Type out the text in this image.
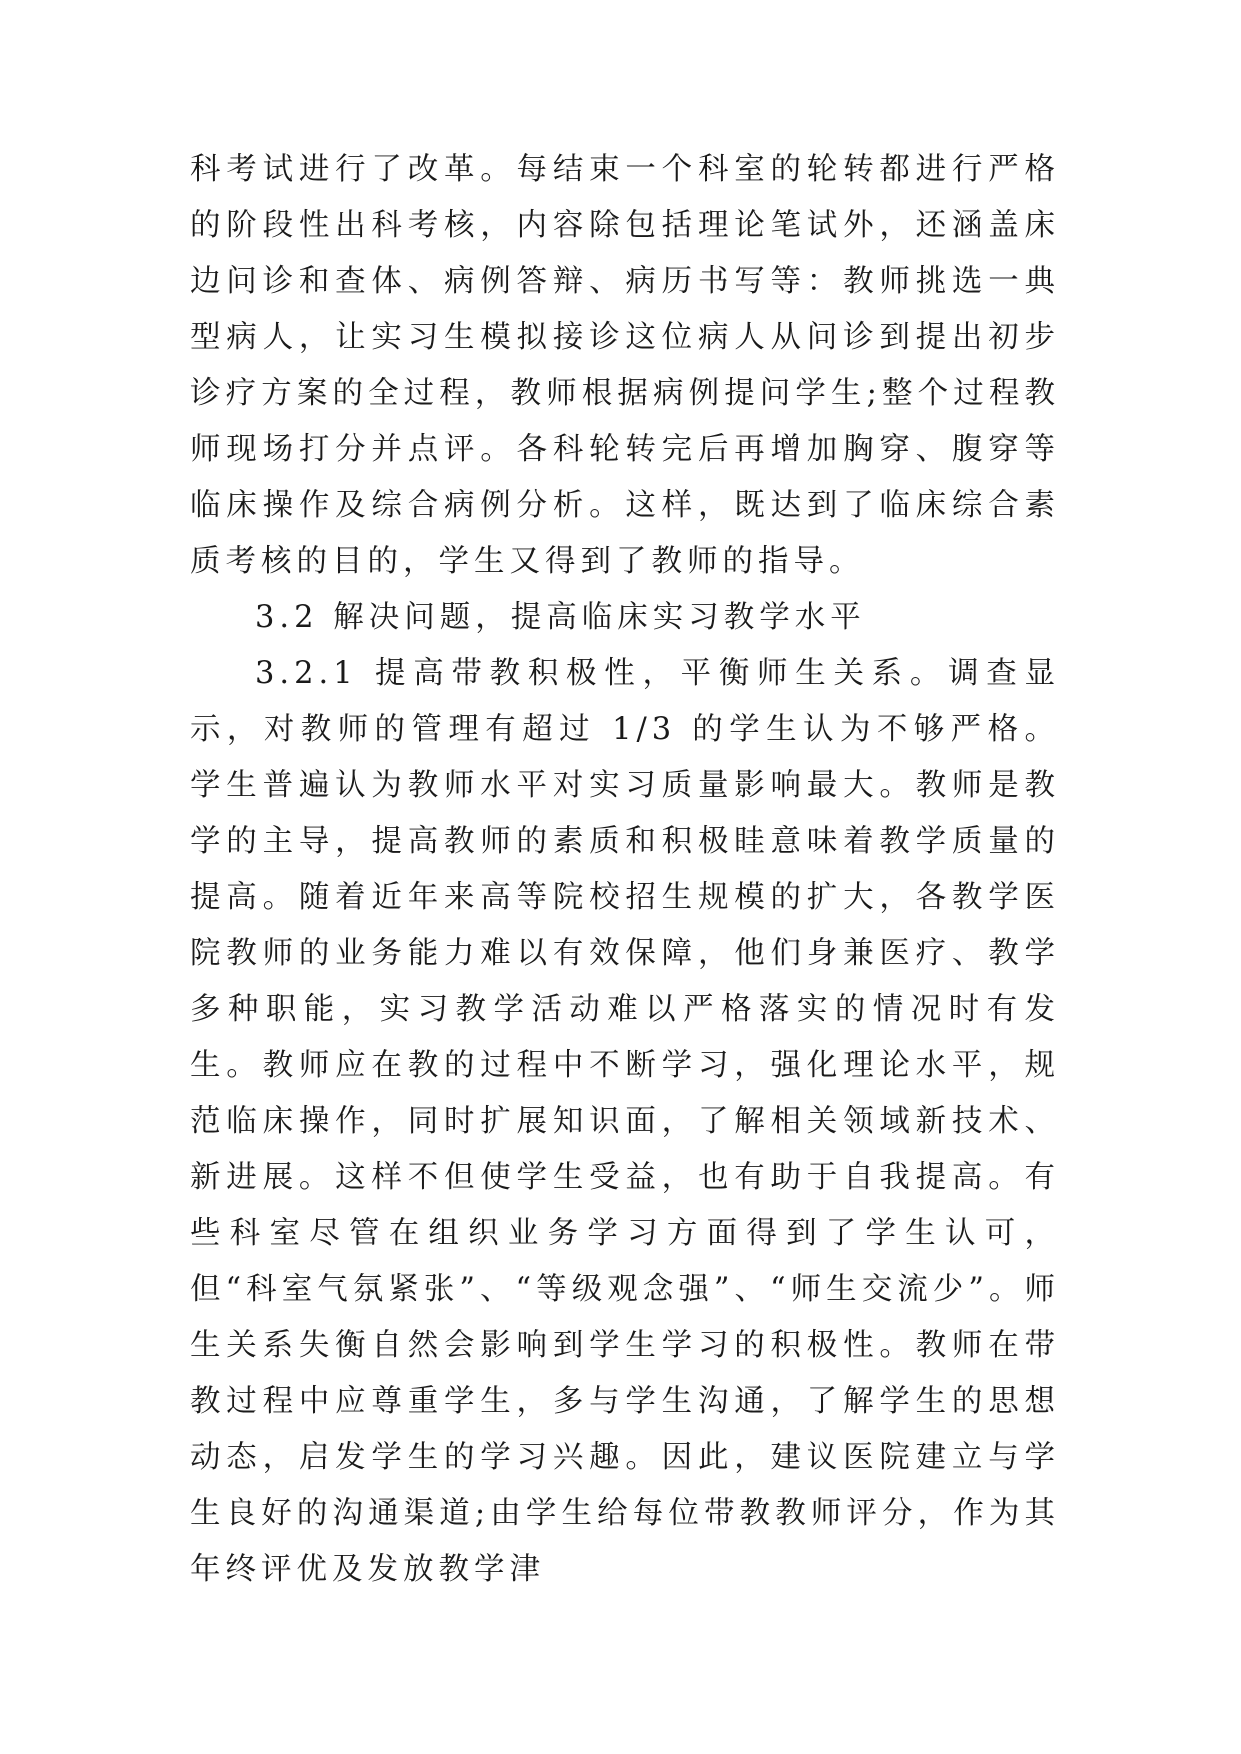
科考试进行了改革。每结束一个科室的轮转都进行严格的阶段性出科考核，内容除包括理论笔试外，还涵盖床边问诊和查体、病例答辩、病历书写等：教师挑选一典型病人，让实习生模拟接诊这位病人从问诊到提出初步诊疗方案的全过程，教师根据病例提问学生;整个过程教师现场打分并点评。各科轮转完后再增加胸穿、腹穿等临床操作及综合病例分析。这样，既达到了临床综合素质考核的目的，学生又得到了教师的指导。

3.2 解决问题，提高临床实习教学水平

3.2.1 提高带教积极性，平衡师生关系。调查显示，对教师的管理有超过 1/3 的学生认为不够严格。学生普遍认为教师水平对实习质量影响最大。教师是教学的主导，提高教师的素质和积极眭意味着教学质量的提高。随着近年来高等院校招生规模的扩大，各教学医院教师的业务能力难以有效保障，他们身兼医疗、教学多种职能，实习教学活动难以严格落实的情况时有发生。教师应在教的过程中不断学习，强化理论水平，规范临床操作，同时扩展知识面，了解相关领域新技术、新进展。这样不但使学生受益，也有助于自我提高。有些科室尽管在组织业务学习方面得到了学生认可，但“科室气氛紧张”、“等级观念强”、“师生交流少”。师生关系失衡自然会影响到学生学习的积极性。教师在带教过程中应尊重学生，多与学生沟通，了解学生的思想动态，启发学生的学习兴趣。因此，建议医院建立与学生良好的沟通渠道;由学生给每位带教教师评分，作为其年终评优及发放教学津
